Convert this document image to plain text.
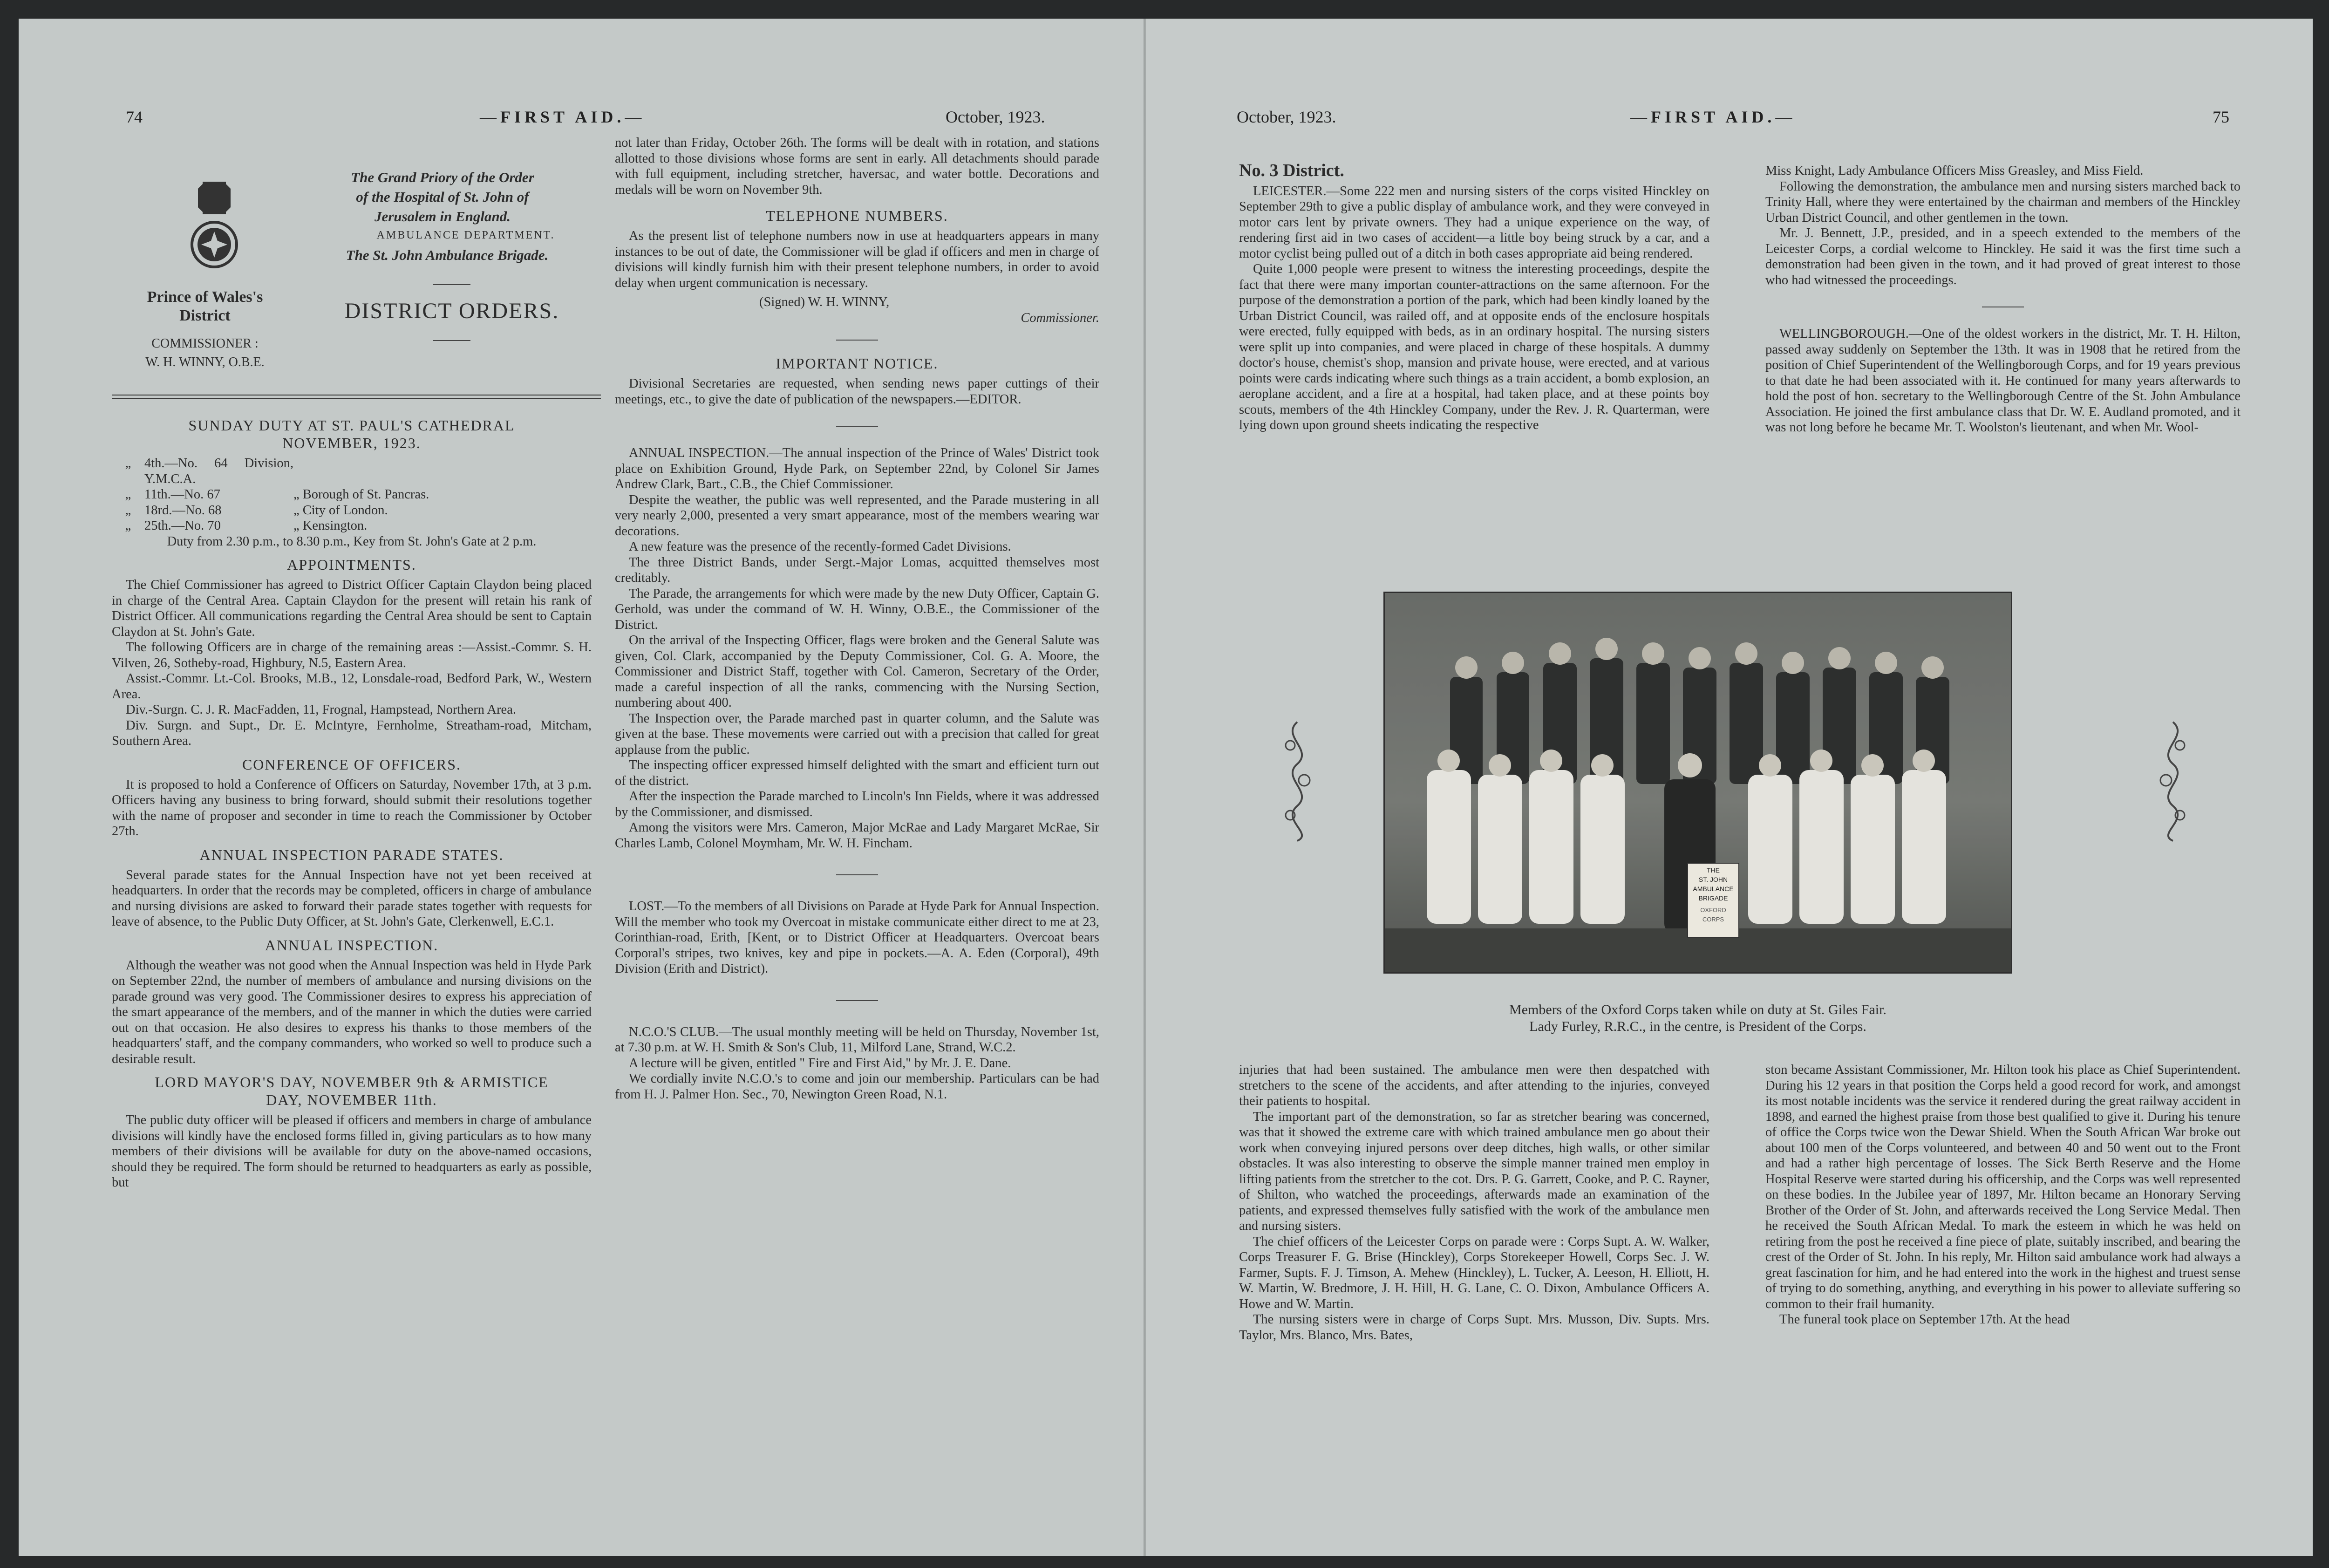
74	—FIRST AID.—	October, 1923.
The Grand Priory of the Order
of the Hospital of St. John of
Jerusalem in England.
AMBULANCE DEPARTMENT.
The St. John Ambulance Brigade.
Prince of Wales's
District
COMMISSIONER :
W. H. WINNY, O.B.E.
DISTRICT ORDERS.
SUNDAY DUTY AT ST. PAUL'S CATHEDRAL
NOVEMBER, 1923.
„	4th.—No. 64 Division, Y.M.C.A.
„	11th.—No. 67	„ Borough of St. Pancras.
„	18rd.—No. 68	„ City of London.
„	25th.—No. 70	„ Kensington.

Duty from 2.30 p.m., to 8.30 p.m., Key from St. John's Gate at 2 p.m.

APPOINTMENTS.

The Chief Commissioner has agreed to District Officer Captain Claydon being placed in charge of the Central Area. Captain Claydon for the present will retain his rank of District Officer. All communications regarding the Central Area should be sent to Captain Claydon at St. John's Gate.

The following Officers are in charge of the remaining areas :—Assist.-Commr. S. H. Vilven, 26, Sotheby-road, Highbury, N.5, Eastern Area.

Assist.-Commr. Lt.-Col. Brooks, M.B., 12, Lonsdale-road, Bedford Park, W., Western Area.

Div.-Surgn. C. J. R. MacFadden, 11, Frognal, Hampstead, Northern Area.

Div. Surgn. and Supt., Dr. E. McIntyre, Fernholme, Streatham-road, Mitcham, Southern Area.

CONFERENCE OF OFFICERS.

It is proposed to hold a Conference of Officers on Saturday, November 17th, at 3 p.m. Officers having any business to bring forward, should submit their resolutions together with the name of proposer and seconder in time to reach the Commissioner by October 27th.

ANNUAL INSPECTION PARADE STATES.

Several parade states for the Annual Inspection have not yet been received at headquarters. In order that the records may be completed, officers in charge of ambulance and nursing divisions are asked to forward their parade states together with requests for leave of absence, to the Public Duty Officer, at St. John's Gate, Clerkenwell, E.C.1.

ANNUAL INSPECTION.

Although the weather was not good when the Annual Inspection was held in Hyde Park on September 22nd, the number of members of ambulance and nursing divisions on the parade ground was very good. The Commissioner desires to express his appreciation of the smart appearance of the members, and of the manner in which the duties were carried out on that occasion. He also desires to express his thanks to those members of the headquarters' staff, and the company commanders, who worked so well to produce such a desirable result.

LORD MAYOR'S DAY, NOVEMBER 9th & ARMISTICE DAY, NOVEMBER 11th.

The public duty officer will be pleased if officers and members in charge of ambulance divisions will kindly have the enclosed forms filled in, giving particulars as to how many members of their divisions will be available for duty on the above-named occasions, should they be required. The form should be returned to headquarters as early as possible, but

not later than Friday, October 26th. The forms will be dealt with in rotation, and stations allotted to those divisions whose forms are sent in early. All detachments should parade with full equipment, including stretcher, haversac, and water bottle. Decorations and medals will be worn on November 9th.

TELEPHONE NUMBERS.

As the present list of telephone numbers now in use at headquarters appears in many instances to be out of date, the Commissioner will be glad if officers and men in charge of divisions will kindly furnish him with their present telephone numbers, in order to avoid delay when urgent communication is necessary.

(Signed) W. H. WINNY,

Commissioner.

IMPORTANT NOTICE.

Divisional Secretaries are requested, when sending news paper cuttings of their meetings, etc., to give the date of publication of the newspapers.—EDITOR.

ANNUAL INSPECTION.—The annual inspection of the Prince of Wales' District took place on Exhibition Ground, Hyde Park, on September 22nd, by Colonel Sir James Andrew Clark, Bart., C.B., the Chief Commissioner.

Despite the weather, the public was well represented, and the Parade mustering in all very nearly 2,000, presented a very smart appearance, most of the members wearing war decorations.

A new feature was the presence of the recently-formed Cadet Divisions.

The three District Bands, under Sergt.-Major Lomas, acquitted themselves most creditably.

The Parade, the arrangements for which were made by the new Duty Officer, Captain G. Gerhold, was under the command of W. H. Winny, O.B.E., the Commissioner of the District.

On the arrival of the Inspecting Officer, flags were broken and the General Salute was given, Col. Clark, accompanied by the Deputy Commissioner, Col. G. A. Moore, the Commissioner and District Staff, together with Col. Cameron, Secretary of the Order, made a careful inspection of all the ranks, commencing with the Nursing Section, numbering about 400.

The Inspection over, the Parade marched past in quarter column, and the Salute was given at the base. These movements were carried out with a precision that called for great applause from the public.

The inspecting officer expressed himself delighted with the smart and efficient turn out of the district.

After the inspection the Parade marched to Lincoln's Inn Fields, where it was addressed by the Commissioner, and dismissed.

Among the visitors were Mrs. Cameron, Major McRae and Lady Margaret McRae, Sir Charles Lamb, Colonel Moymham, Mr. W. H. Fincham.

LOST.—To the members of all Divisions on Parade at Hyde Park for Annual Inspection. Will the member who took my Overcoat in mistake communicate either direct to me at 23, Corinthian-road, Erith, [Kent, or to District Officer at Headquarters. Overcoat bears Corporal's stripes, two knives, key and pipe in pockets.—A. A. Eden (Corporal), 49th Division (Erith and District).

N.C.O.'S CLUB.—The usual monthly meeting will be held on Thursday, November 1st, at 7.30 p.m. at W. H. Smith & Son's Club, 11, Milford Lane, Strand, W.C.2.

A lecture will be given, entitled " Fire and First Aid," by Mr. J. E. Dane.

We cordially invite N.C.O.'s to come and join our membership. Particulars can be had from H. J. Palmer Hon. Sec., 70, Newington Green Road, N.1.

October, 1923.	—FIRST AID.—	75
No. 3 District.

LEICESTER.—Some 222 men and nursing sisters of the corps visited Hinckley on September 29th to give a public display of ambulance work, and they were conveyed in motor cars lent by private owners. They had a unique experience on the way, of rendering first aid in two cases of accident—a little boy being struck by a car, and a motor cyclist being pulled out of a ditch in both cases appropriate aid being rendered.

Quite 1,000 people were present to witness the interesting proceedings, despite the fact that there were many importan counter-attractions on the same afternoon. For the purpose of the demonstration a portion of the park, which had been kindly loaned by the Urban District Council, was railed off, and at opposite ends of the enclosure hospitals were erected, fully equipped with beds, as in an ordinary hospital. The nursing sisters were split up into companies, and were placed in charge of these hospitals. A dummy doctor's house, chemist's shop, mansion and private house, were erected, and at various points were cards indicating where such things as a train accident, a bomb explosion, an aeroplane accident, and a fire at a hospital, had taken place, and at these points boy scouts, members of the 4th Hinckley Company, under the Rev. J. R. Quarterman, were lying down upon ground sheets indicating the respective

Miss Knight, Lady Ambulance Officers Miss Greasley, and Miss Field.

Following the demonstration, the ambulance men and nursing sisters marched back to Trinity Hall, where they were entertained by the chairman and members of the Hinckley Urban District Council, and other gentlemen in the town.

Mr. J. Bennett, J.P., presided, and in a speech extended to the members of the Leicester Corps, a cordial welcome to Hinckley. He said it was the first time such a demonstration had been given in the town, and it had proved of great interest to those who had witnessed the proceedings.

WELLINGBOROUGH.—One of the oldest workers in the district, Mr. T. H. Hilton, passed away suddenly on September the 13th. It was in 1908 that he retired from the position of Chief Superintendent of the Wellingborough Corps, and for 19 years previous to that date he had been associated with it. He continued for many years afterwards to hold the post of hon. secretary to the Wellingborough Centre of the St. John Ambulance Association. He joined the first ambulance class that Dr. W. E. Audland promoted, and it was not long before he became Mr. T. Woolston's lieutenant, and when Mr. Wool-

THE
ST. JOHN
AMBULANCE
BRIGADE
OXFORD
CORPS
Members of the Oxford Corps taken while on duty at St. Giles Fair.
Lady Furley, R.R.C., in the centre, is President of the Corps.

injuries that had been sustained. The ambulance men were then despatched with stretchers to the scene of the accidents, and after attending to the injuries, conveyed their patients to hospital.

The important part of the demonstration, so far as stretcher bearing was concerned, was that it showed the extreme care with which trained ambulance men go about their work when conveying injured persons over deep ditches, high walls, or other similar obstacles. It was also interesting to observe the simple manner trained men employ in lifting patients from the stretcher to the cot. Drs. P. G. Garrett, Cooke, and P. C. Rayner, of Shilton, who watched the proceedings, afterwards made an examination of the patients, and expressed themselves fully satisfied with the work of the ambulance men and nursing sisters.

The chief officers of the Leicester Corps on parade were : Corps Supt. A. W. Walker, Corps Treasurer F. G. Brise (Hinckley), Corps Storekeeper Howell, Corps Sec. J. W. Farmer, Supts. F. J. Timson, A. Mehew (Hinckley), L. Tucker, A. Leeson, H. Elliott, H. W. Martin, W. Bredmore, J. H. Hill, H. G. Lane, C. O. Dixon, Ambulance Officers A. Howe and W. Martin.

The nursing sisters were in charge of Corps Supt. Mrs. Musson, Div. Supts. Mrs. Taylor, Mrs. Blanco, Mrs. Bates,

ston became Assistant Commissioner, Mr. Hilton took his place as Chief Superintendent. During his 12 years in that position the Corps held a good record for work, and amongst its most notable incidents was the service it rendered during the great railway accident in 1898, and earned the highest praise from those best qualified to give it. During his tenure of office the Corps twice won the Dewar Shield. When the South African War broke out about 100 men of the Corps volunteered, and between 40 and 50 went out to the Front and had a rather high percentage of losses. The Sick Berth Reserve and the Home Hospital Reserve were started during his officership, and the Corps was well represented on these bodies. In the Jubilee year of 1897, Mr. Hilton became an Honorary Serving Brother of the Order of St. John, and afterwards received the Long Service Medal. Then he received the South African Medal. To mark the esteem in which he was held on retiring from the post he received a fine piece of plate, suitably inscribed, and bearing the crest of the Order of St. John. In his reply, Mr. Hilton said ambulance work had always a great fascination for him, and he had entered into the work in the highest and truest sense of trying to do something, anything, and everything in his power to alleviate suffering so common to their frail humanity.

The funeral took place on September 17th. At the head
